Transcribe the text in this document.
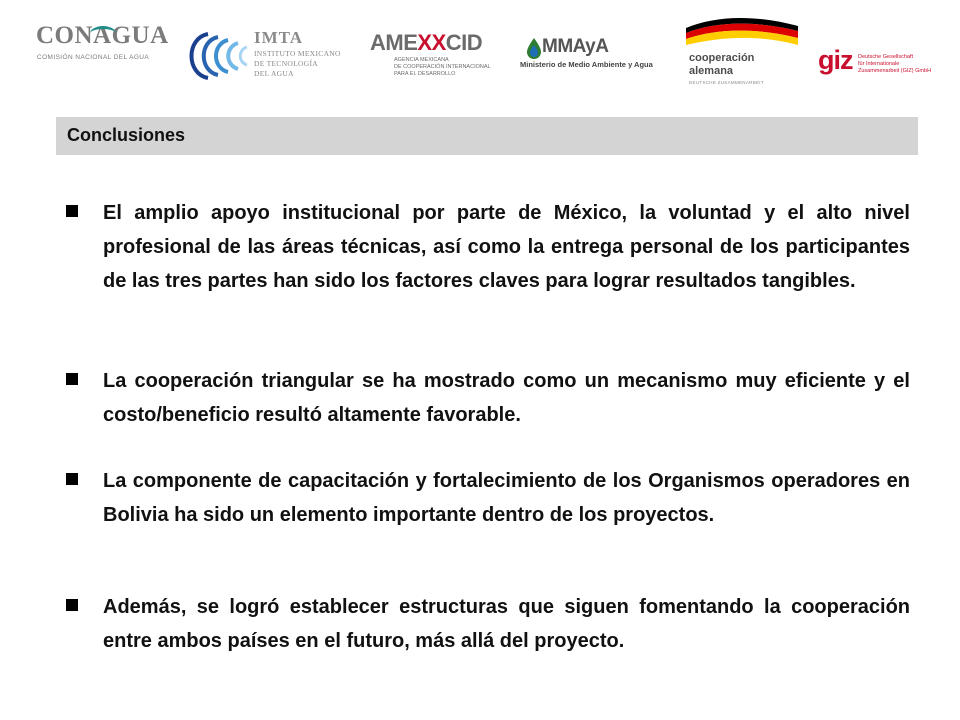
CONAGUA
COMISIÓN NACIONAL DEL AGUA
IMTA
INSTITUTO MEXICANO
DE TECNOLOGÍA
DEL AGUA
AMEXXCID
AGENCIA MEXICANA
DE COOPERACIÓN INTERNACIONAL
PARA EL DESARROLLO
MMAyA
Ministerio de Medio Ambiente y Agua
cooperación
alemana
DEUTSCHE ZUSAMMENARBEIT
giz Deutsche Gesellschaft
für Internationale
Zusammenarbeit (GIZ) GmbH
Conclusiones
El amplio apoyo institucional por parte de México, la voluntad y el alto nivel profesional de las áreas técnicas, así como la entrega personal de los participantes de las tres partes han sido los factores claves para lograr resultados tangibles.
La cooperación triangular se ha mostrado como un mecanismo muy eficiente y el costo/beneficio resultó altamente favorable.
La componente de capacitación y fortalecimiento de los Organismos operadores en Bolivia ha sido un elemento importante dentro de los proyectos.
Además, se logró establecer estructuras que siguen fomentando la cooperación entre ambos países en el futuro, más allá del proyecto.
